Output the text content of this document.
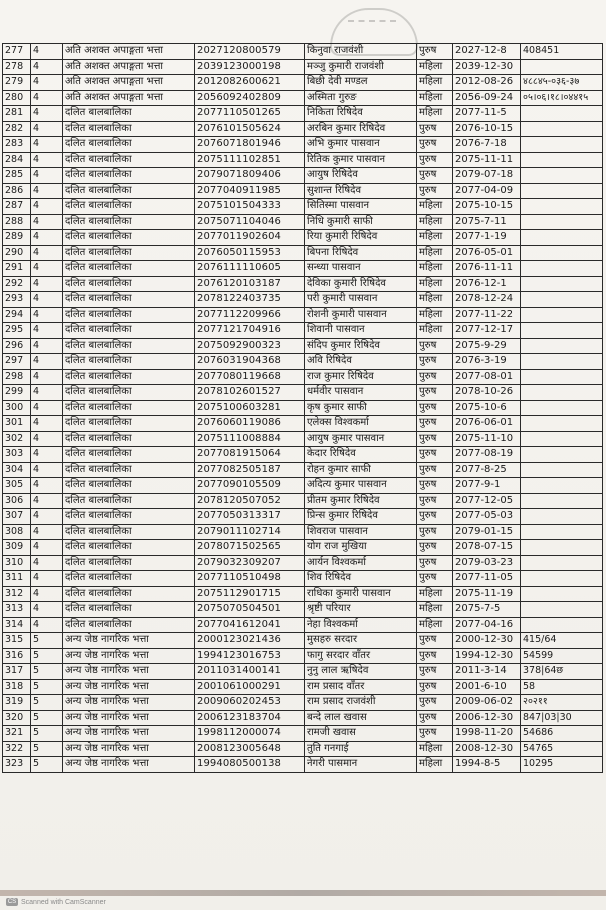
277	4	अति अशक्त अपाङ्गता भत्ता	2027120800579	किनुवा राजवंशी	पुरुष	2027-12-8	408451
278	4	अति अशक्त अपाङ्गता भत्ता	2039123000198	मञ्जु कुमारी राजवंशी	महिला	2039-12-30	
279	4	अति अशक्त अपाङ्गता भत्ता	2012082600621	बिछी देवी मण्डल	महिला	2012-08-26	४८८४५-०३६-३७
280	4	अति अशक्त अपाङ्गता भत्ता	2056092402809	अस्मिता गुरुङ	महिला	2056-09-24	०५।०६।१८।०४४१५
281	4	दलित बालबालिका	2077110501265	निकिता रिषिदेव	महिला	2077-11-5	
282	4	दलित बालबालिका	2076101505624	अरबिन कुमार रिषिदेव	पुरुष	2076-10-15	
283	4	दलित बालबालिका	2076071801946	अभि कुमार पासवान	पुरुष	2076-7-18	
284	4	दलित बालबालिका	2075111102851	रितिक कुमार पासवान	पुरुष	2075-11-11	
285	4	दलित बालबालिका	2079071809406	आयुष रिषिदेव	पुरुष	2079-07-18	
286	4	दलित बालबालिका	2077040911985	सुशान्त रिषिदेव	पुरुष	2077-04-09	
287	4	दलित बालबालिका	2075101504333	सितिस्मा पासवान	महिला	2075-10-15	
288	4	दलित बालबालिका	2075071104046	निधि कुमारी साफी	महिला	2075-7-11	
289	4	दलित बालबालिका	2077011902604	रिया कुमारी रिषिदेव	महिला	2077-1-19	
290	4	दलित बालबालिका	2076050115953	बिपना रिषिदेव	महिला	2076-05-01	
291	4	दलित बालबालिका	2076111110605	सन्ध्या पासवान	महिला	2076-11-11	
292	4	दलित बालबालिका	2076120103187	देविका कुमारी रिषिदेव	महिला	2076-12-1	
293	4	दलित बालबालिका	2078122403735	परी कुमारी पासवान	महिला	2078-12-24	
294	4	दलित बालबालिका	2077112209966	रोशनी कुमारी पासवान	महिला	2077-11-22	
295	4	दलित बालबालिका	2077121704916	शिवानी पासवान	महिला	2077-12-17	
296	4	दलित बालबालिका	2075092900323	संदिप कुमार रिषिदेव	पुरुष	2075-9-29	
297	4	दलित बालबालिका	2076031904368	अवि रिषिदेव	पुरुष	2076-3-19	
298	4	दलित बालबालिका	2077080119668	राज कुमार रिषिदेव	पुरुष	2077-08-01	
299	4	दलित बालबालिका	2078102601527	धर्मवीर पासवान	पुरुष	2078-10-26	
300	4	दलित बालबालिका	2075100603281	कृष कुमार साफी	पुरुष	2075-10-6	
301	4	दलित बालबालिका	2076060119086	एलेक्स विश्वकर्मा	पुरुष	2076-06-01	
302	4	दलित बालबालिका	2075111008884	आयुष कुमार पासवान	पुरुष	2075-11-10	
303	4	दलित बालबालिका	2077081915064	केदार रिषिदेव	पुरुष	2077-08-19	
304	4	दलित बालबालिका	2077082505187	रोहन कुमार साफी	पुरुष	2077-8-25	
305	4	दलित बालबालिका	2077090105509	अदित्य कुमार पासवान	पुरुष	2077-9-1	
306	4	दलित बालबालिका	2078120507052	प्रीतम कुमार रिषिदेव	पुरुष	2077-12-05	
307	4	दलित बालबालिका	2077050313317	प्रिन्स कुमार रिषिदेव	पुरुष	2077-05-03	
308	4	दलित बालबालिका	2079011102714	शिवराज पासवान	पुरुष	2079-01-15	
309	4	दलित बालबालिका	2078071502565	योग राज मुखिया	पुरुष	2078-07-15	
310	4	दलित बालबालिका	2079032309207	आर्यन विश्वकर्मा	पुरुष	2079-03-23	
311	4	दलित बालबालिका	2077110510498	शिव रिषिदेव	पुरुष	2077-11-05	
312	4	दलित बालबालिका	2075112901715	राधिका कुमारी पासवान	महिला	2075-11-19	
313	4	दलित बालबालिका	2075070504501	श्रृष्टी परियार	महिला	2075-7-5	
314	4	दलित बालबालिका	2077041612041	नेहा विश्वकर्मा	महिला	2077-04-16	
315	5	अन्य जेष्ठ नागरिक भत्ता	2000123021436	मुसहरु सरदार	पुरुष	2000-12-30	415/64
316	5	अन्य जेष्ठ नागरिक भत्ता	1994123016753	फागु सरदार वाँतर	पुरुष	1994-12-30	54599
317	5	अन्य जेष्ठ नागरिक भत्ता	2011031400141	नुनु लाल ऋषिदेव	पुरुष	2011-3-14	378|64छ
318	5	अन्य जेष्ठ नागरिक भत्ता	2001061000291	राम प्रसाद वाँतर	पुरुष	2001-6-10	58
319	5	अन्य जेष्ठ नागरिक भत्ता	2009060202453	राम प्रसाद राजवंशी	पुरुष	2009-06-02	२०२११
320	5	अन्य जेष्ठ नागरिक भत्ता	2006123183704	बन्दे लाल खवास	पुरुष	2006-12-30	847|03|30
321	5	अन्य जेष्ठ नागरिक भत्ता	1998112000074	रामजी खवास	पुरुष	1998-11-20	54686
322	5	अन्य जेष्ठ नागरिक भत्ता	2008123005648	तुति गनगाई	महिला	2008-12-30	54765
323	5	अन्य जेष्ठ नागरिक भत्ता	1994080500138	नेगरी पासमान	महिला	1994-8-5	10295
CS Scanned with CamScanner
